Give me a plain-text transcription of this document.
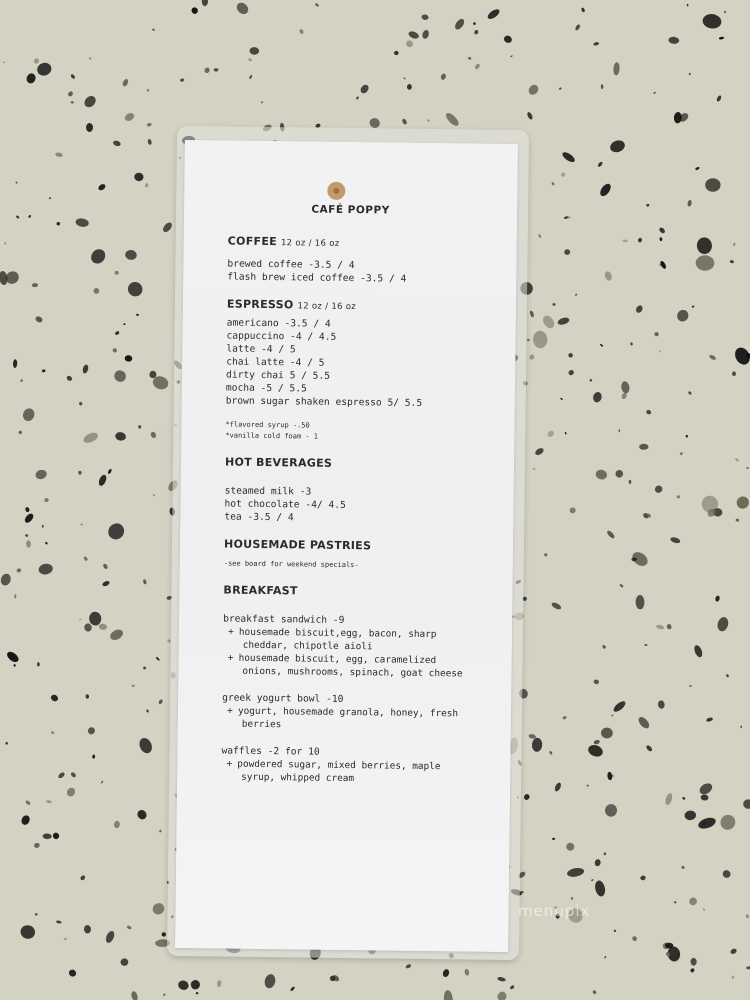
CAFÉ POPPY

COFFEE 12 oz / 16 oz

brewed coffee -3.5 / 4

flash brew iced coffee -3.5 / 4

ESPRESSO 12 oz / 16 oz

americano -3.5 / 4

cappuccino -4 / 4.5

latte -4 / 5

chai latte -4 / 5

dirty chai 5 / 5.5

mocha -5 / 5.5

brown sugar shaken espresso 5/ 5.5

*flavored syrup -.50

*vanilla cold foam - 1

HOT BEVERAGES

steamed milk -3

hot chocolate -4/ 4.5

tea -3.5 / 4

HOUSEMADE PASTRIES

-see board for weekend specials-

BREAKFAST

breakfast sandwich -9

+ housemade biscuit,egg, bacon, sharp

cheddar, chipotle aioli

+ housemade biscuit, egg, caramelized

onions, mushrooms, spinach, goat cheese

greek yogurt bowl -10

+ yogurt, housemade granola, honey, fresh

berries

waffles -2 for 10

+ powdered sugar, mixed berries, maple

syrup, whipped cream

menupix
